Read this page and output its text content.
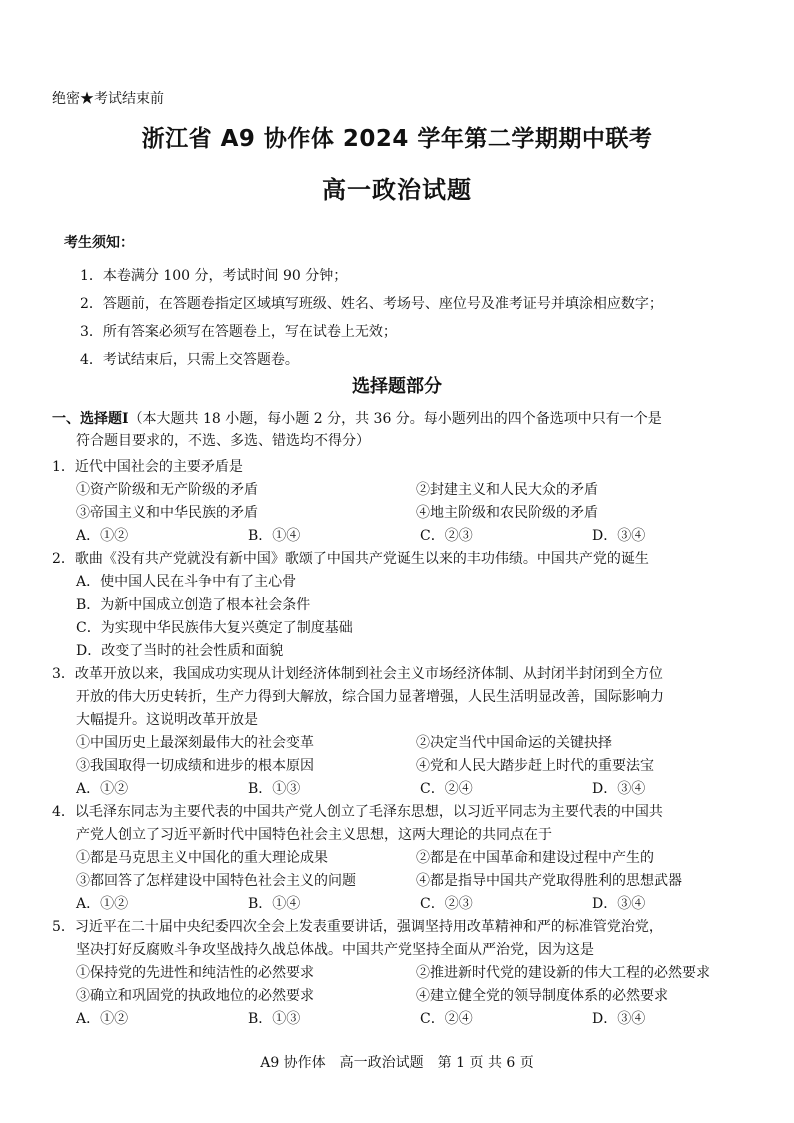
绝密★考试结束前
浙江省 A9 协作体 2024 学年第二学期期中联考
高一政治试题
考生须知：
1．本卷满分 100 分，考试时间 90 分钟；
2．答题前，在答题卷指定区域填写班级、姓名、考场号、座位号及准考证号并填涂相应数字；
3．所有答案必须写在答题卷上，写在试卷上无效；
4．考试结束后，只需上交答题卷。
选择题部分
一、选择题Ⅰ（本大题共 18 小题，每小题 2 分，共 36 分。每小题列出的四个备选项中只有一个是
符合题目要求的，不选、多选、错选均不得分）
1．近代中国社会的主要矛盾是
①资产阶级和无产阶级的矛盾	②封建主义和人民大众的矛盾
③帝国主义和中华民族的矛盾	④地主阶级和农民阶级的矛盾
A．①②	B．①④	C．②③	D．③④
2．歌曲《没有共产党就没有新中国》歌颂了中国共产党诞生以来的丰功伟绩。中国共产党的诞生
A．使中国人民在斗争中有了主心骨
B．为新中国成立创造了根本社会条件
C．为实现中华民族伟大复兴奠定了制度基础
D．改变了当时的社会性质和面貌
3．改革开放以来，我国成功实现从计划经济体制到社会主义市场经济体制、从封闭半封闭到全方位
开放的伟大历史转折，生产力得到大解放，综合国力显著增强，人民生活明显改善，国际影响力
大幅提升。这说明改革开放是
①中国历史上最深刻最伟大的社会变革	②决定当代中国命运的关键抉择
③我国取得一切成绩和进步的根本原因	④党和人民大踏步赶上时代的重要法宝
A．①②	B．①③	C．②④	D．③④
4．以毛泽东同志为主要代表的中国共产党人创立了毛泽东思想，以习近平同志为主要代表的中国共
产党人创立了习近平新时代中国特色社会主义思想，这两大理论的共同点在于
①都是马克思主义中国化的重大理论成果	②都是在中国革命和建设过程中产生的
③都回答了怎样建设中国特色社会主义的问题	④都是指导中国共产党取得胜利的思想武器
A．①②	B．①④	C．②③	D．③④
5．习近平在二十届中央纪委四次全会上发表重要讲话，强调坚持用改革精神和严的标准管党治党，
坚决打好反腐败斗争攻坚战持久战总体战。中国共产党坚持全面从严治党，因为这是
①保持党的先进性和纯洁性的必然要求	②推进新时代党的建设新的伟大工程的必然要求
③确立和巩固党的执政地位的必然要求	④建立健全党的领导制度体系的必然要求
A．①②	B．①③	C．②④	D．③④
A9 协作体　高一政治试题　第 1 页 共 6 页
